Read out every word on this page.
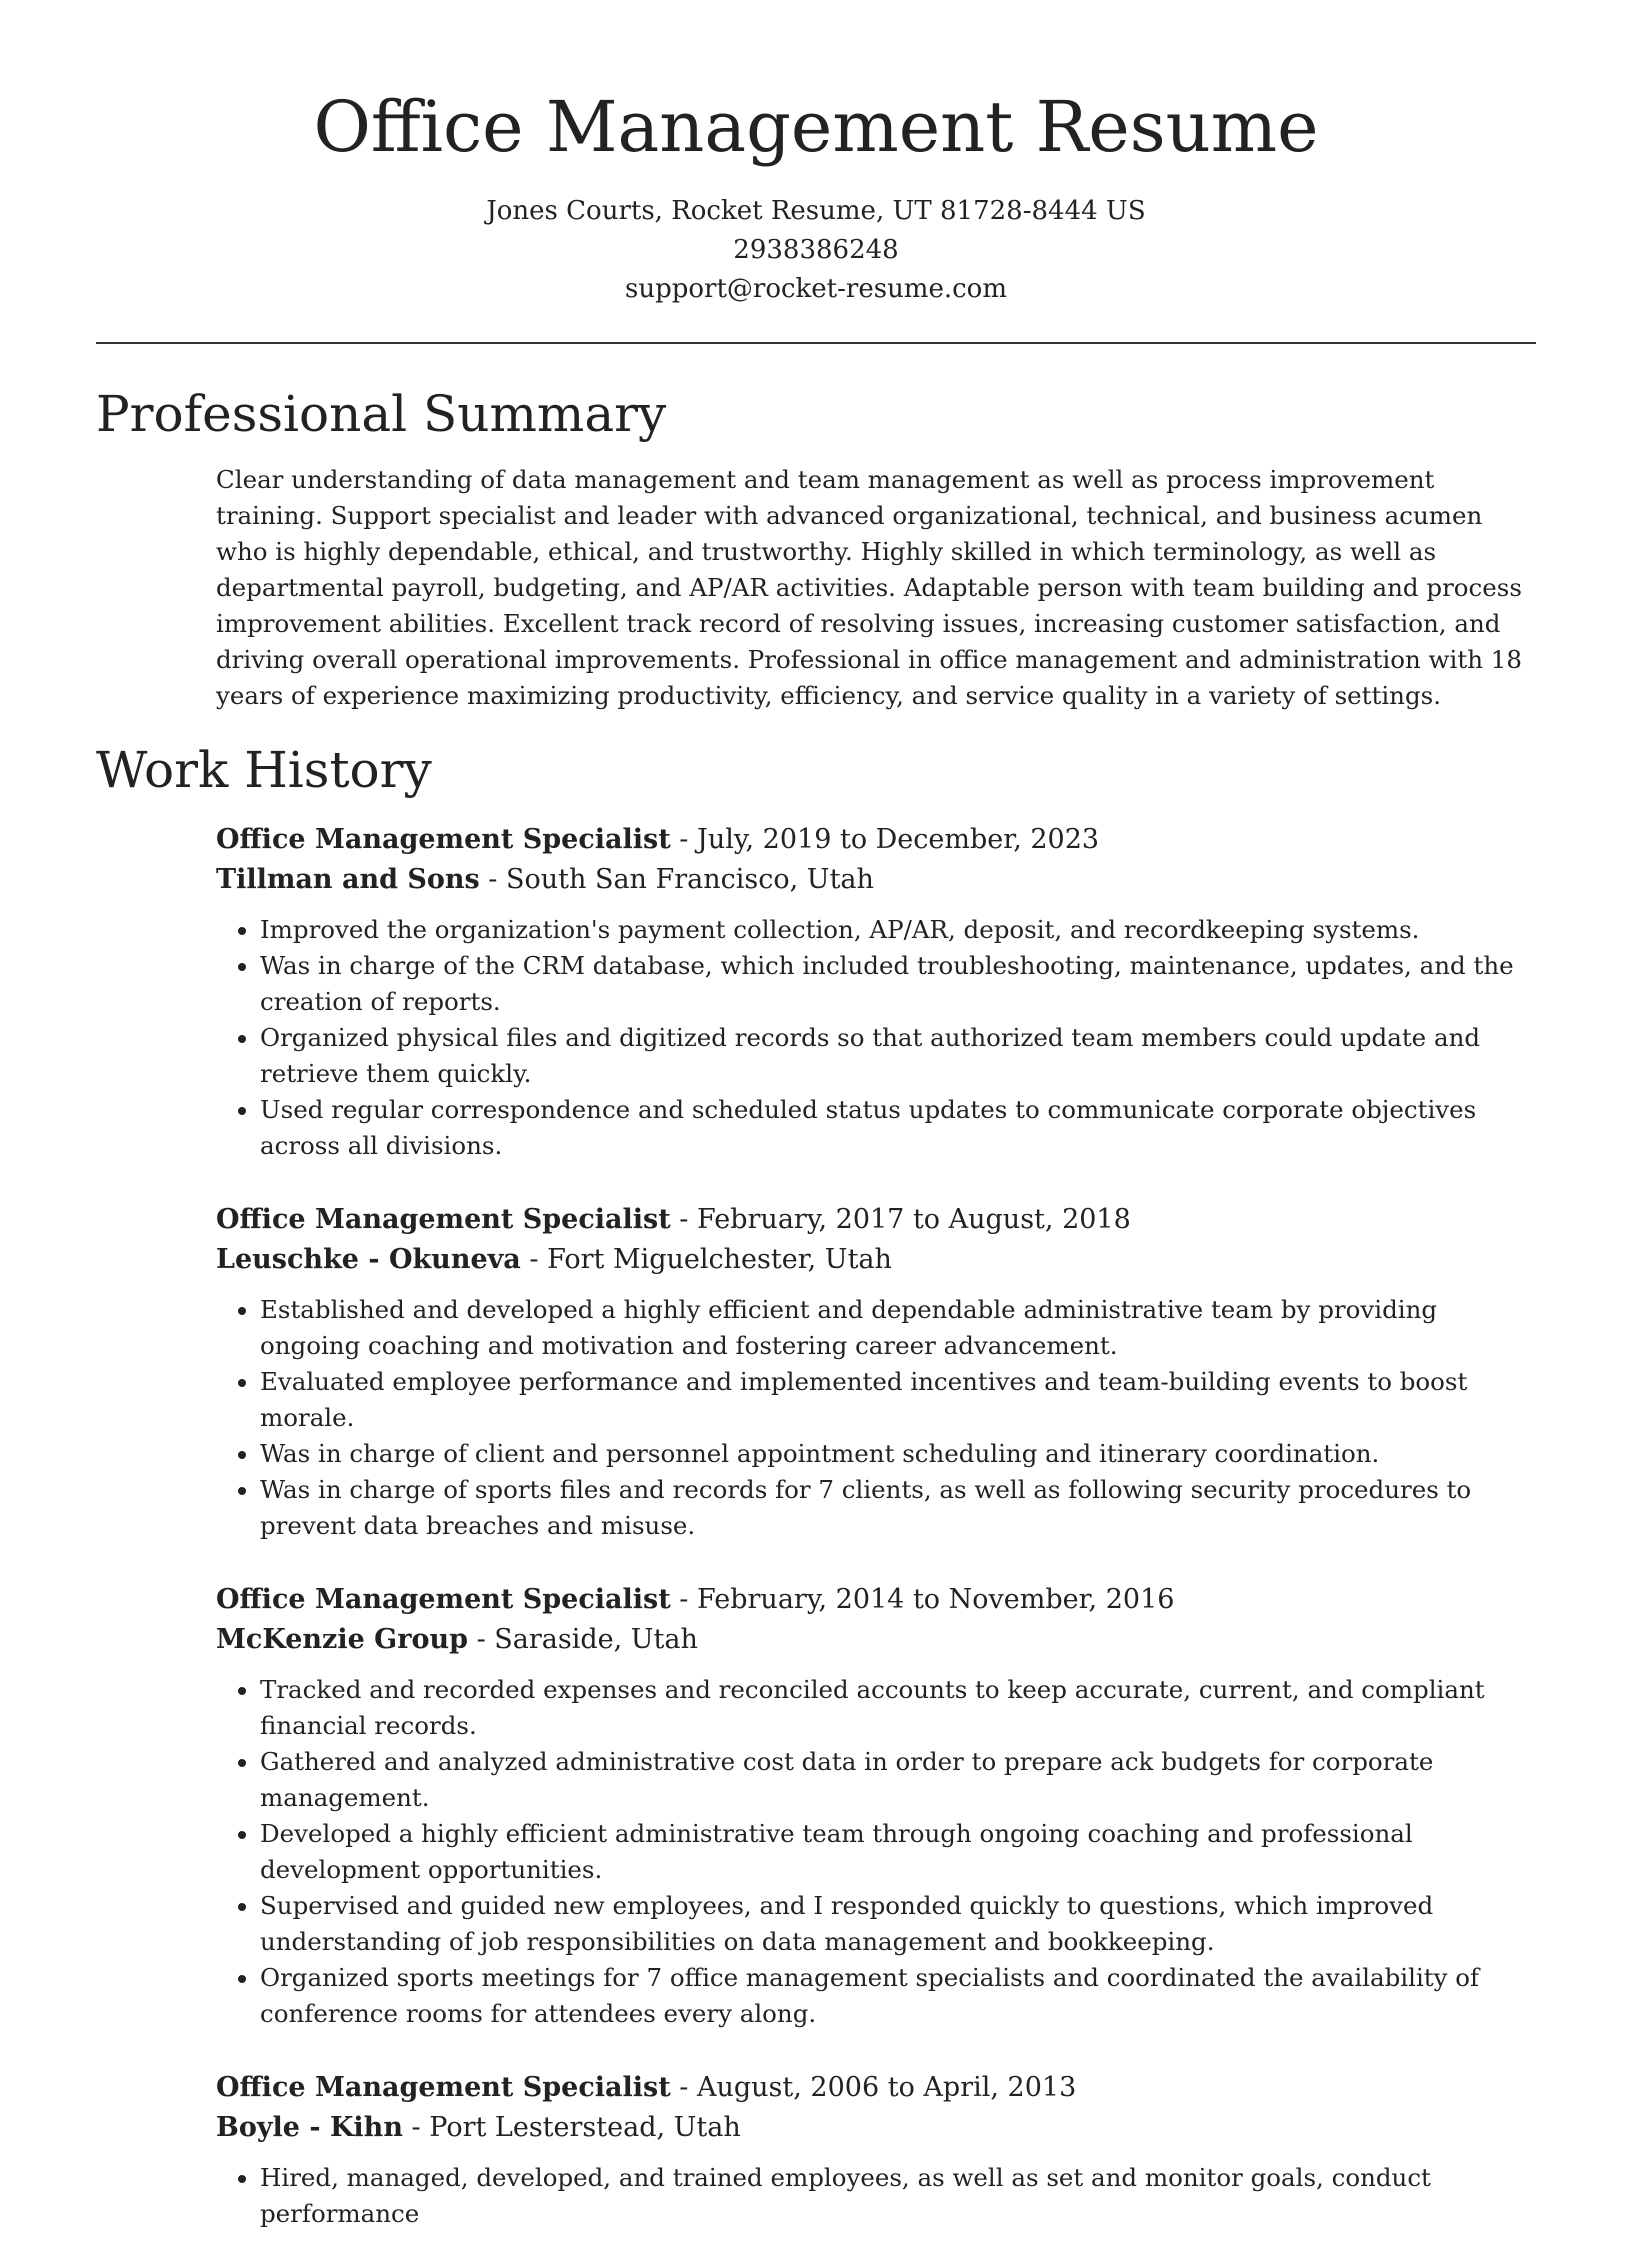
Office Management Resume
Jones Courts, Rocket Resume, UT 81728-8444 US
2938386248
support@rocket-resume.com
Professional Summary
Clear understanding of data management and team management as well as process improvement training. Support specialist and leader with advanced organizational, technical, and business acumen who is highly dependable, ethical, and trustworthy. Highly skilled in which terminology, as well as departmental payroll, budgeting, and AP/AR activities. Adaptable person with team building and process improvement abilities. Excellent track record of resolving issues, increasing customer satisfaction, and driving overall operational improvements. Professional in office management and administration with 18 years of experience maximizing productivity, efficiency, and service quality in a variety of settings.
Work History
Office Management Specialist - July, 2019 to December, 2023
Tillman and Sons - South San Francisco, Utah
• Improved the organization's payment collection, AP/AR, deposit, and recordkeeping systems.
• Was in charge of the CRM database, which included troubleshooting, maintenance, updates, and the creation of reports.
• Organized physical files and digitized records so that authorized team members could update and retrieve them quickly.
• Used regular correspondence and scheduled status updates to communicate corporate objectives across all divisions.
Office Management Specialist - February, 2017 to August, 2018
Leuschke - Okuneva - Fort Miguelchester, Utah
• Established and developed a highly efficient and dependable administrative team by providing ongoing coaching and motivation and fostering career advancement.
• Evaluated employee performance and implemented incentives and team-building events to boost morale.
• Was in charge of client and personnel appointment scheduling and itinerary coordination.
• Was in charge of sports files and records for 7 clients, as well as following security procedures to prevent data breaches and misuse.
Office Management Specialist - February, 2014 to November, 2016
McKenzie Group - Saraside, Utah
• Tracked and recorded expenses and reconciled accounts to keep accurate, current, and compliant financial records.
• Gathered and analyzed administrative cost data in order to prepare ack budgets for corporate management.
• Developed a highly efficient administrative team through ongoing coaching and professional development opportunities.
• Supervised and guided new employees, and I responded quickly to questions, which improved understanding of job responsibilities on data management and bookkeeping.
• Organized sports meetings for 7 office management specialists and coordinated the availability of conference rooms for attendees every along.
Office Management Specialist - August, 2006 to April, 2013
Boyle - Kihn - Port Lesterstead, Utah
• Hired, managed, developed, and trained employees, as well as set and monitor goals, conduct performance
